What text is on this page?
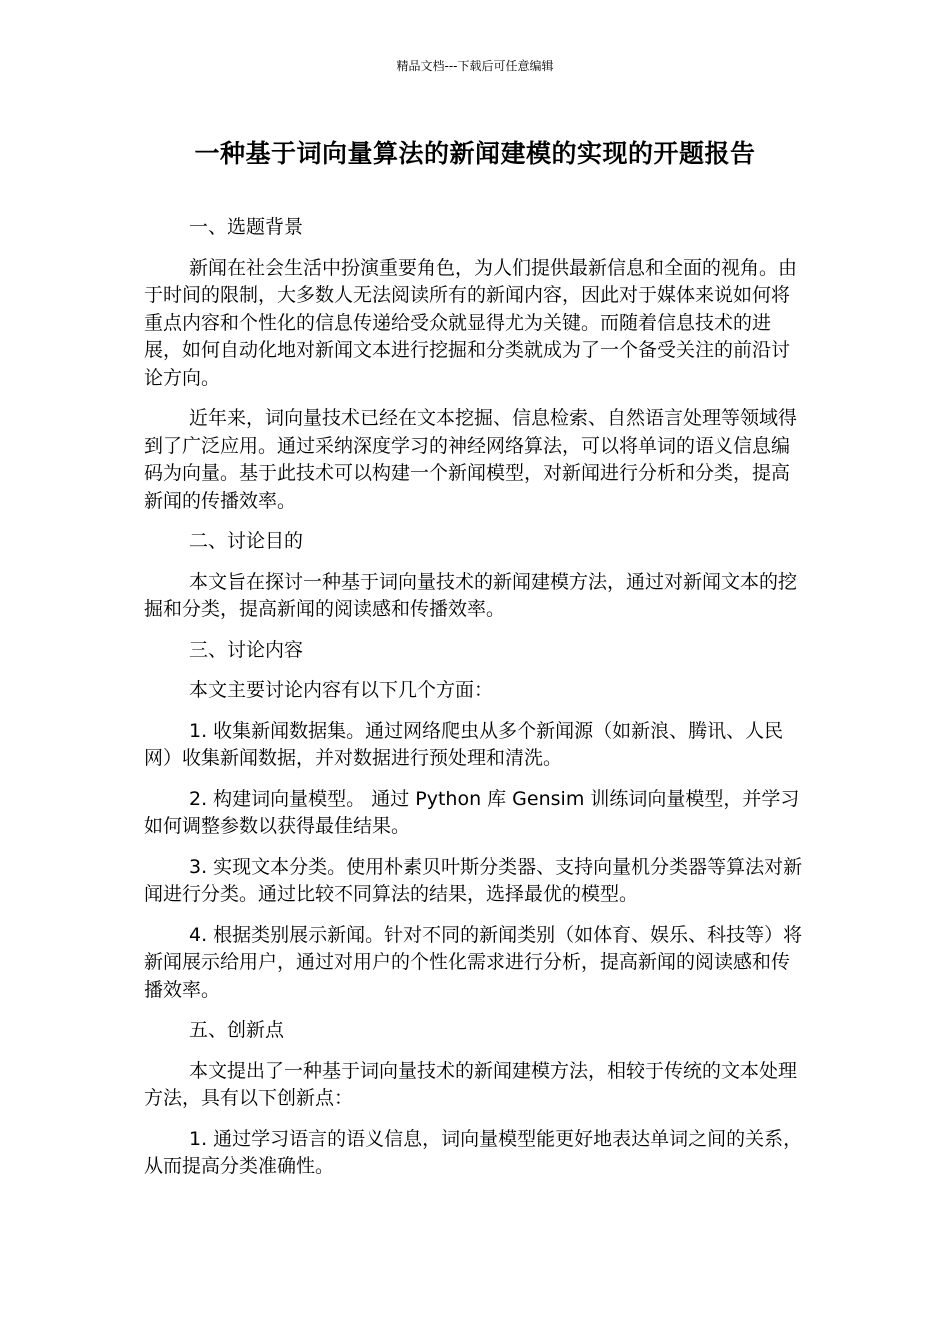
精品文档---下载后可任意编辑
一种基于词向量算法的新闻建模的实现的开题报告

一、选题背景

新闻在社会生活中扮演重要角色，为人们提供最新信息和全面的视角。由于时间的限制，大多数人无法阅读所有的新闻内容，因此对于媒体来说如何将重点内容和个性化的信息传递给受众就显得尤为关键。而随着信息技术的进展，如何自动化地对新闻文本进行挖掘和分类就成为了一个备受关注的前沿讨论方向。

近年来，词向量技术已经在文本挖掘、信息检索、自然语言处理等领域得到了广泛应用。通过采纳深度学习的神经网络算法，可以将单词的语义信息编码为向量。基于此技术可以构建一个新闻模型，对新闻进行分析和分类，提高新闻的传播效率。

二、讨论目的

本文旨在探讨一种基于词向量技术的新闻建模方法，通过对新闻文本的挖掘和分类，提高新闻的阅读感和传播效率。

三、讨论内容

本文主要讨论内容有以下几个方面：

1. 收集新闻数据集。通过网络爬虫从多个新闻源（如新浪、腾讯、人民网）收集新闻数据，并对数据进行预处理和清洗。

2. 构建词向量模型。 通过 Python 库 Gensim 训练词向量模型，并学习如何调整参数以获得最佳结果。

3. 实现文本分类。使用朴素贝叶斯分类器、支持向量机分类器等算法对新闻进行分类。通过比较不同算法的结果，选择最优的模型。

4. 根据类别展示新闻。针对不同的新闻类别（如体育、娱乐、科技等）将新闻展示给用户，通过对用户的个性化需求进行分析，提高新闻的阅读感和传播效率。

五、创新点

本文提出了一种基于词向量技术的新闻建模方法，相较于传统的文本处理方法，具有以下创新点：

1. 通过学习语言的语义信息，词向量模型能更好地表达单词之间的关系，从而提高分类准确性。
